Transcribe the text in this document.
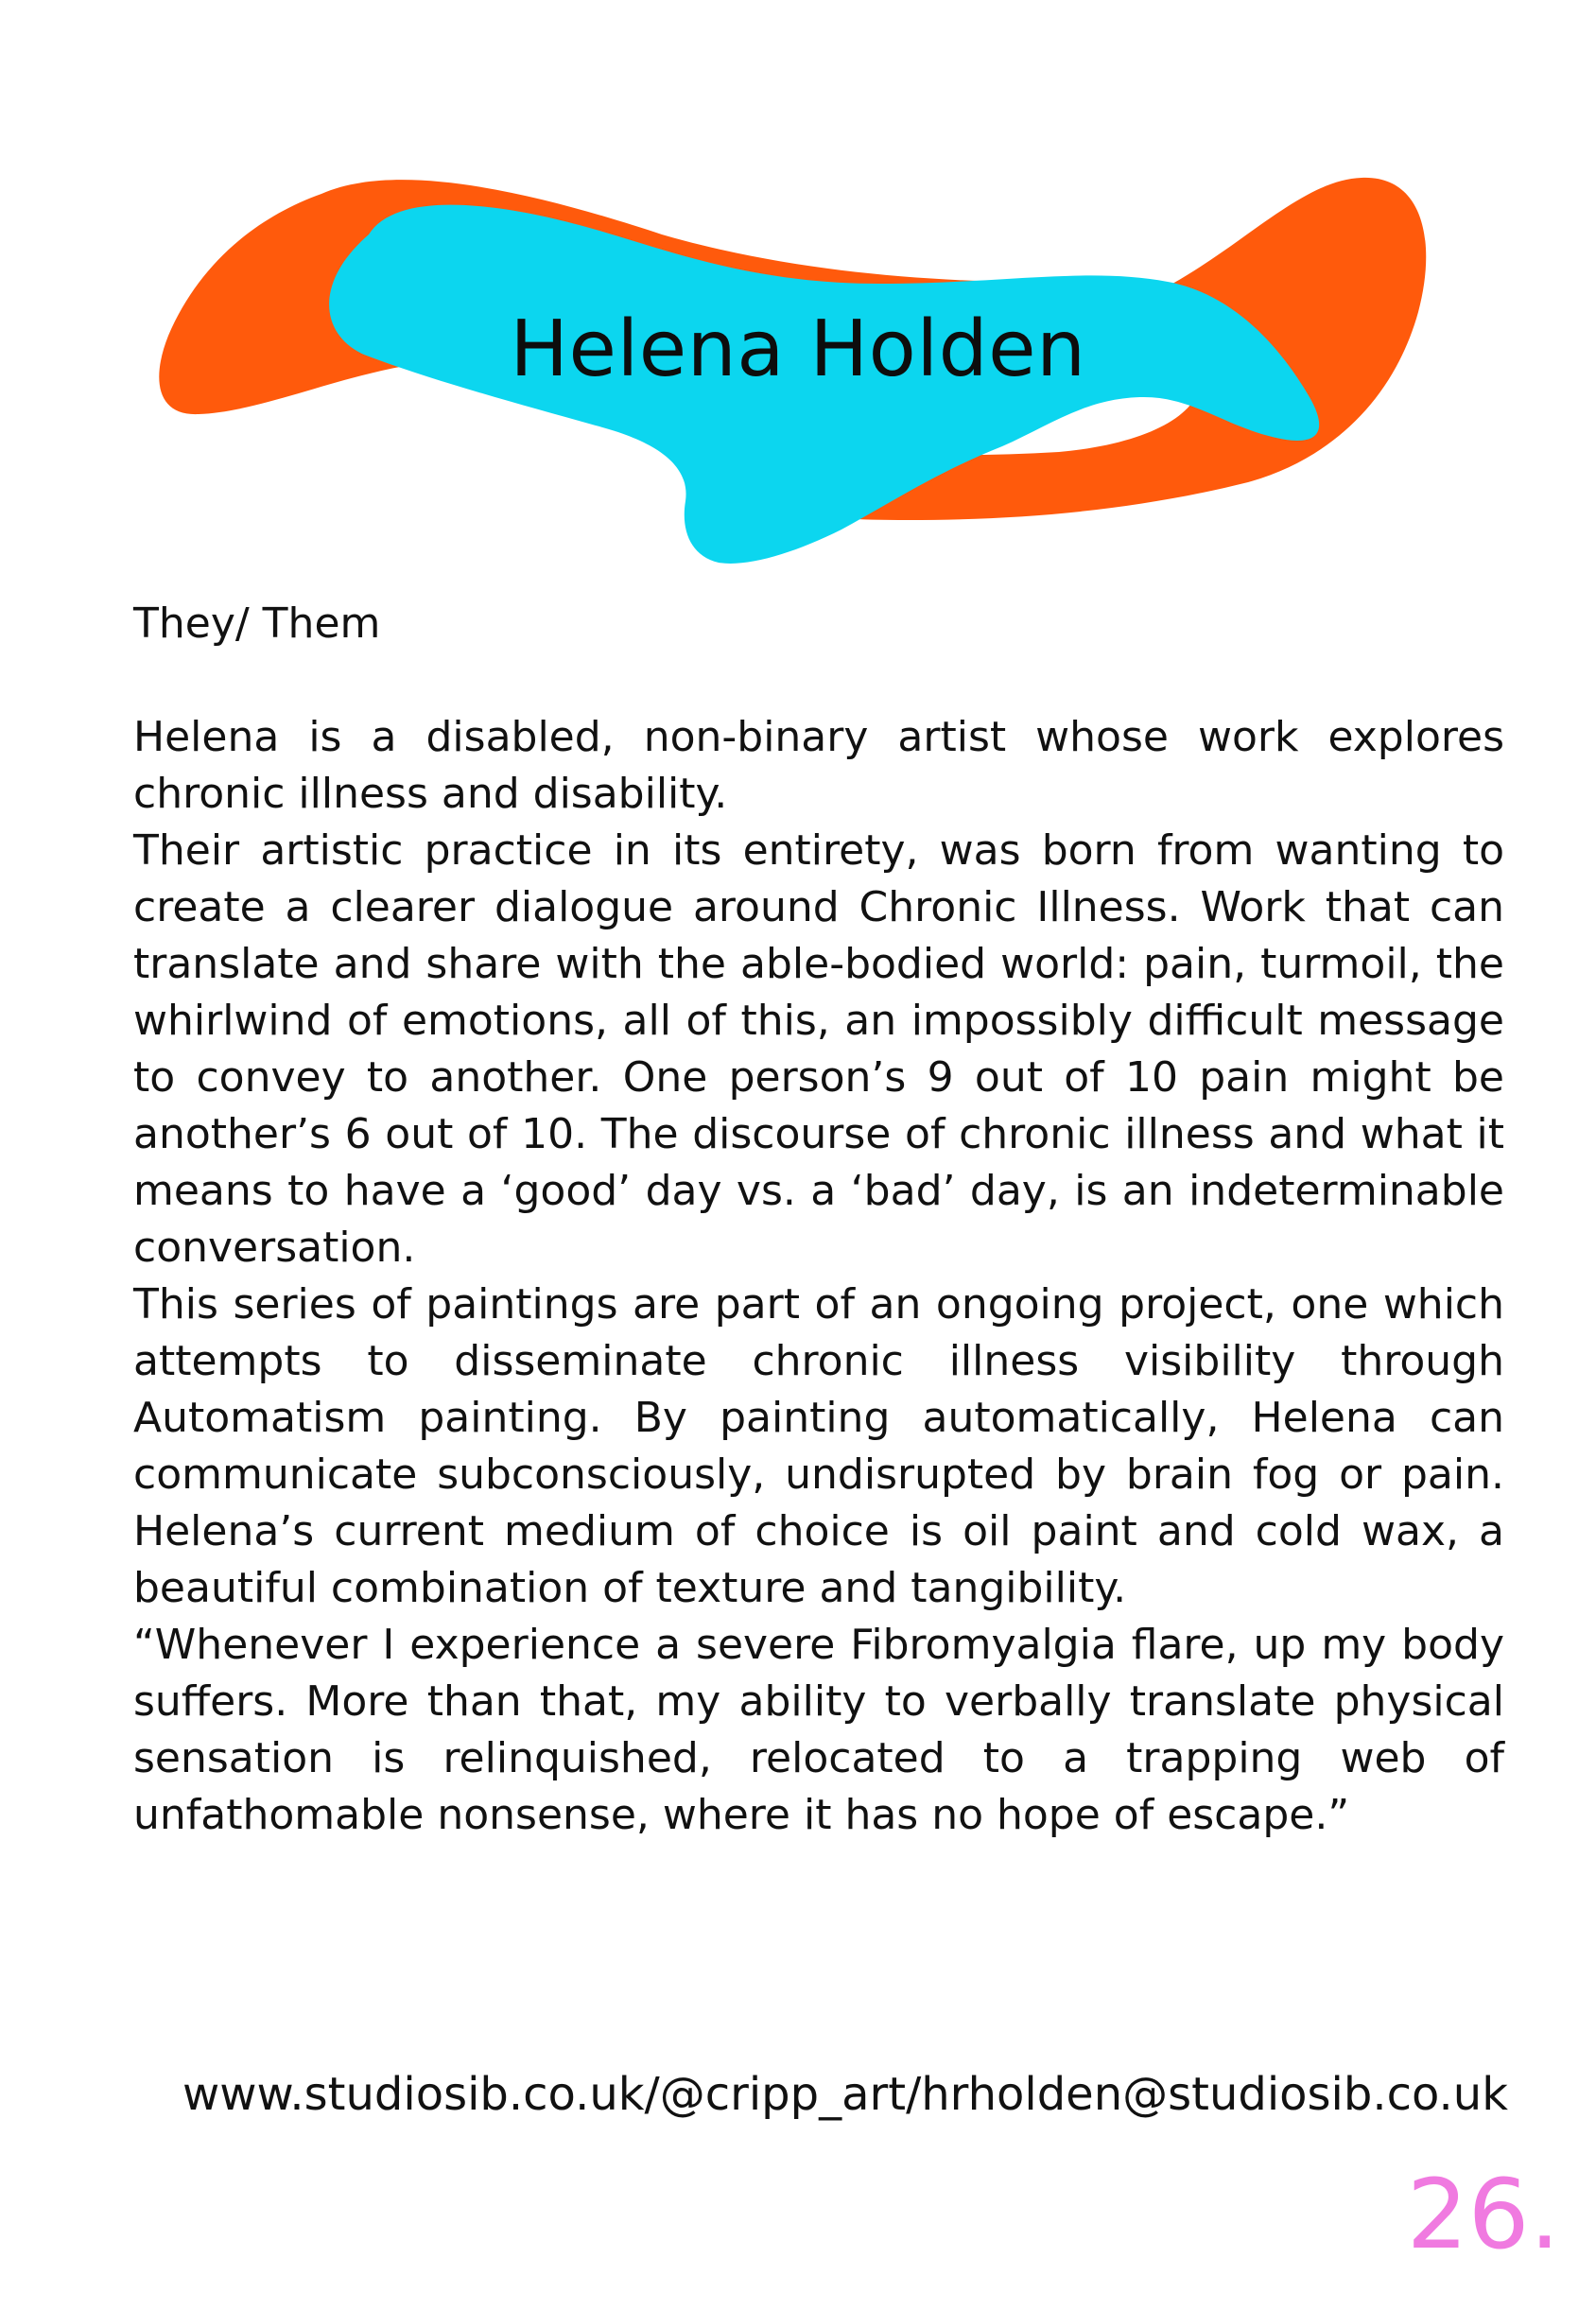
Helena Holden

They/ Them

Helena is a disabled, non-binary artist whose work explores chronic illness and disability.

Their artistic practice in its entirety, was born from wanting to create a clearer dialogue around Chronic Illness. Work that can translate and share with the able-bodied world: pain, turmoil, the whirlwind of emotions, all of this, an impossibly difficult message to convey to another. One person’s 9 out of 10 pain might be another’s 6 out of 10. The discourse of chronic illness and what it means to have a ‘good’ day vs. a ‘bad’ day, is an indeterminable conversation.

This series of paintings are part of an ongoing project, one which attempts to disseminate chronic illness visibility through Automatism painting. By painting automatically, Helena can communicate subconsciously, undisrupted by brain fog or pain. Helena’s current medium of choice is oil paint and cold wax, a beautiful combination of texture and tangibility.

“Whenever I experience a severe Fibromyalgia flare, up my body suffers. More than that, my ability to verbally translate physical sensation is relinquished, relocated to a trapping web of unfathomable nonsense, where it has no hope of escape.”

www.studiosib.co.uk/@cripp_art/hrholden@studiosib.co.uk
26.
